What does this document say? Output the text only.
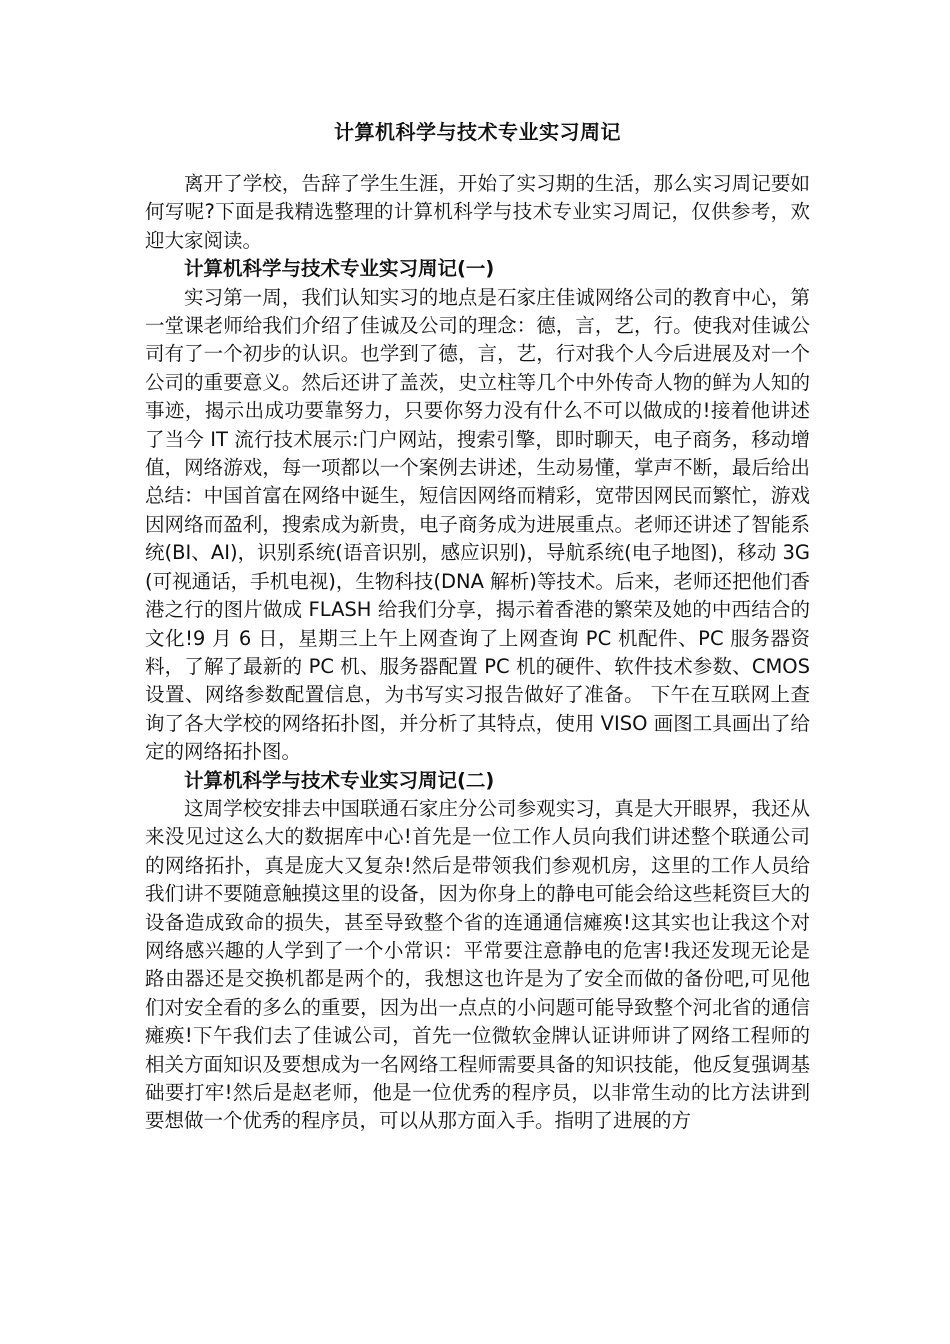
计算机科学与技术专业实习周记

离开了学校，告辞了学生生涯，开始了实习期的生活，那么实习周记要如何写呢?下面是我精选整理的计算机科学与技术专业实习周记，仅供参考，欢迎大家阅读。

计算机科学与技术专业实习周记(一)

实习第一周，我们认知实习的地点是石家庄佳诚网络公司的教育中心，第一堂课老师给我们介绍了佳诚及公司的理念：德，言，艺，行。使我对佳诚公司有了一个初步的认识。也学到了德，言，艺，行对我个人今后进展及对一个公司的重要意义。然后还讲了盖茨，史立柱等几个中外传奇人物的鲜为人知的事迹，揭示出成功要靠努力，只要你努力没有什么不可以做成的!接着他讲述了当今 IT 流行技术展示:门户网站，搜索引擎，即时聊天，电子商务，移动增值，网络游戏，每一项都以一个案例去讲述，生动易懂，掌声不断，最后给出总结：中国首富在网络中诞生，短信因网络而精彩，宽带因网民而繁忙，游戏因网络而盈利，搜索成为新贵，电子商务成为进展重点。老师还讲述了智能系统(BI、AI)，识别系统(语音识别，感应识别)，导航系统(电子地图)，移动 3G(可视通话，手机电视)，生物科技(DNA 解析)等技术。后来，老师还把他们香港之行的图片做成 FLASH 给我们分享，揭示着香港的繁荣及她的中西结合的文化!9 月 6 日，星期三上午上网查询了上网查询 PC 机配件、PC 服务器资料，了解了最新的 PC 机、服务器配置 PC 机的硬件、软件技术参数、CMOS 设置、网络参数配置信息，为书写实习报告做好了准备。 下午在互联网上查询了各大学校的网络拓扑图，并分析了其特点，使用 VISO 画图工具画出了给定的网络拓扑图。

计算机科学与技术专业实习周记(二)

这周学校安排去中国联通石家庄分公司参观实习，真是大开眼界，我还从来没见过这么大的数据库中心!首先是一位工作人员向我们讲述整个联通公司的网络拓扑，真是庞大又复杂!然后是带领我们参观机房，这里的工作人员给我们讲不要随意触摸这里的设备，因为你身上的静电可能会给这些耗资巨大的设备造成致命的损失，甚至导致整个省的连通通信瘫痪!这其实也让我这个对网络感兴趣的人学到了一个小常识：平常要注意静电的危害!我还发现无论是路由器还是交换机都是两个的，我想这也许是为了安全而做的备份吧,可见他们对安全看的多么的重要，因为出一点点的小问题可能导致整个河北省的通信瘫痪!下午我们去了佳诚公司，首先一位微软金牌认证讲师讲了网络工程师的相关方面知识及要想成为一名网络工程师需要具备的知识技能，他反复强调基础要打牢!然后是赵老师，他是一位优秀的程序员，以非常生动的比方法讲到要想做一个优秀的程序员，可以从那方面入手。指明了进展的方
